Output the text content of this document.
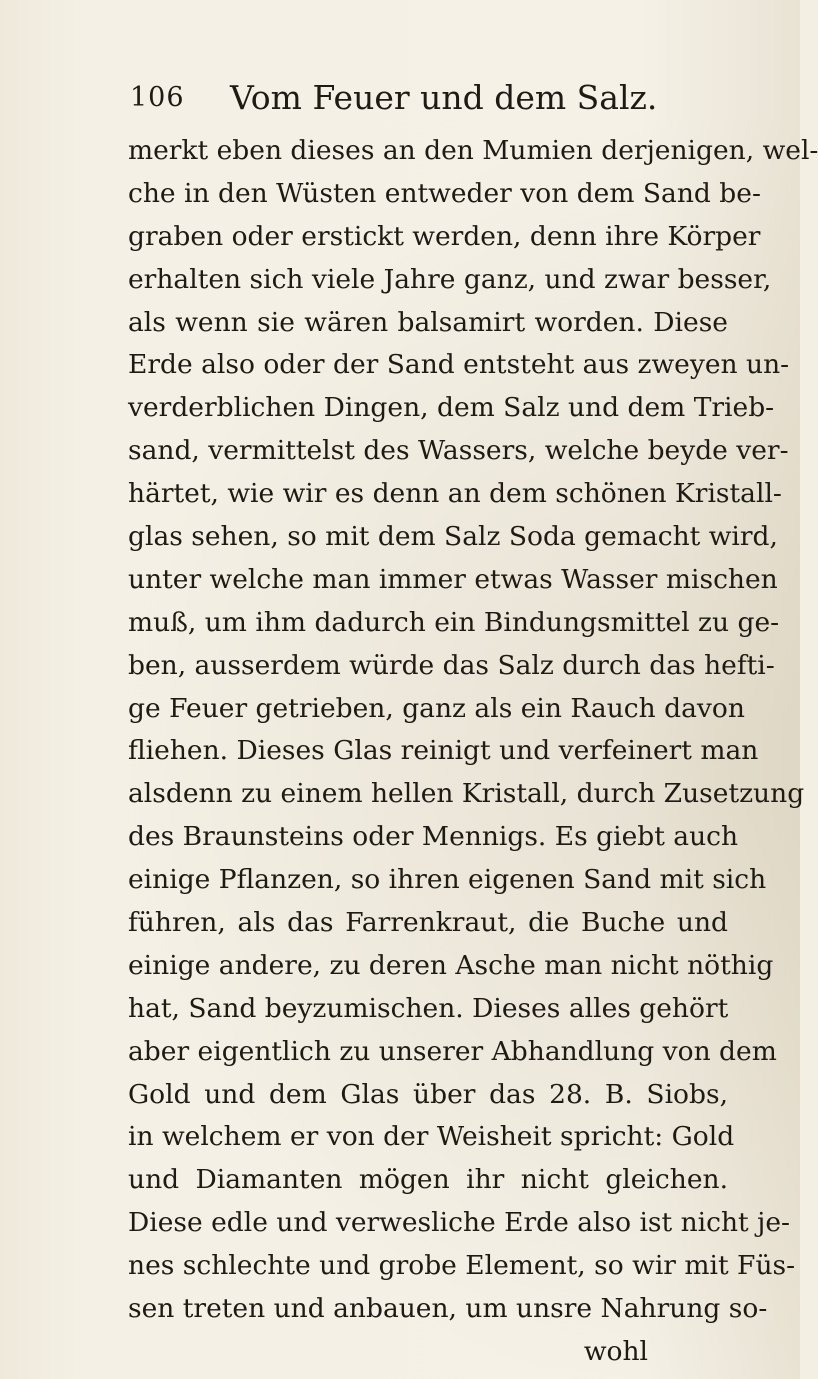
106 Vom Feuer und dem Salz.
merkt eben dieses an den Mumien derjenigen, wel‑
che in den Wüsten entweder von dem Sand be‑
graben oder erstickt werden, denn ihre Körper
erhalten sich viele Jahre ganz, und zwar besser,
als wenn sie wären balsamirt worden. Diese
Erde also oder der Sand entsteht aus zweyen un‑
verderblichen Dingen, dem Salz und dem Trieb‑
sand, vermittelst des Wassers, welche beyde ver‑
härtet, wie wir es denn an dem schönen Kristall‑
glas sehen, so mit dem Salz Soda gemacht wird,
unter welche man immer etwas Wasser mischen
muß, um ihm dadurch ein Bindungsmittel zu ge‑
ben, ausserdem würde das Salz durch das hefti‑
ge Feuer getrieben, ganz als ein Rauch davon
fliehen. Dieses Glas reinigt und verfeinert man
alsdenn zu einem hellen Kristall, durch Zusetzung
des Braunsteins oder Mennigs. Es giebt auch
einige Pflanzen, so ihren eigenen Sand mit sich
führen, als das Farrenkraut, die Buche und
einige andere, zu deren Asche man nicht nöthig
hat, Sand beyzumischen. Dieses alles gehört
aber eigentlich zu unserer Abhandlung von dem
Gold und dem Glas über das 28. B. Siobs,
in welchem er von der Weisheit spricht: Gold
und Diamanten mögen ihr nicht gleichen.
Diese edle und verwesliche Erde also ist nicht je‑
nes schlechte und grobe Element, so wir mit Füs‑
sen treten und anbauen, um unsre Nahrung so‑
wohl
